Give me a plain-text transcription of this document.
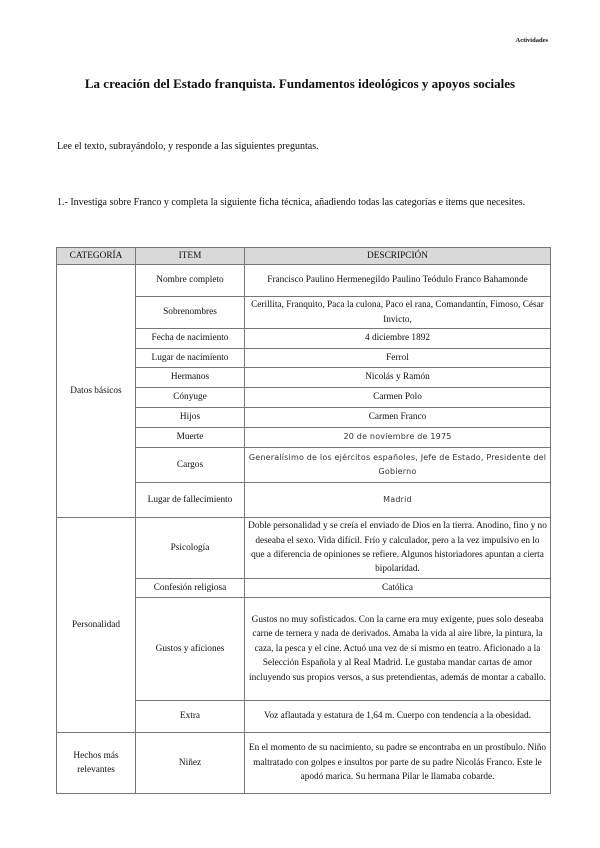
Actividades
La creación del Estado franquista. Fundamentos ideológicos y apoyos sociales
Lee el texto, subrayándolo, y responde a las siguientes preguntas.
1.- Investiga sobre Franco y completa la siguiente ficha técnica, añadiendo todas las categorías e ítems que necesites.
CATEGORÍA	ITEM	DESCRIPCIÓN
Datos básicos	Nombre completo	Francisco Paulino Hermenegildo Paulino Teódulo Franco Bahamonde
	Sobrenombres	Cerillita, Franquito, Paca la culona, Paco el rana, Comandantín, Fimoso, César Invicto,
	Fecha de nacimiento	4 diciembre 1892
	Lugar de nacimiento	Ferrol
	Hermanos	Nicolás y Ramón
	Cónyuge	Carmen Polo
	Hijos	Carmen Franco
	Muerte	20 de noviembre de 1975
	Cargos	Generalísimo de los ejércitos españoles, Jefe de Estado, Presidente del Gobierno
	Lugar de fallecimiento	Madrid
Personalidad	Psicología	Doble personalidad y se creía el enviado de Dios en la tierra. Anodino, fino y no deseaba el sexo. Vida difícil. Frío y calculador, pero a la vez impulsivo en lo que a diferencia de opiniones se refiere. Algunos historiadores apuntan a cierta bipolaridad.
	Confesión religiosa	Católica
	Gustos y aficiones	Gustos no muy sofisticados. Con la carne era muy exigente, pues solo deseaba carne de ternera y nada de derivados. Amaba la vida al aire libre, la pintura, la caza, la pesca y el cine. Actuó una vez de sí mismo en teatro. Aficionado a la Selección Española y al Real Madrid. Le gustaba mandar cartas de amor incluyendo sus propios versos, a sus pretendientas, además de montar a caballo.
	Extra	Voz aflautada y estatura de 1,64 m. Cuerpo con tendencia a la obesidad.
Hechos más relevantes	Niñez	En el momento de su nacimiento, su padre se encontraba en un prostíbulo. Niño maltratado con golpes e insultos por parte de su padre Nicolás Franco. Este le apodó marica. Su hermana Pilar le llamaba cobarde.
